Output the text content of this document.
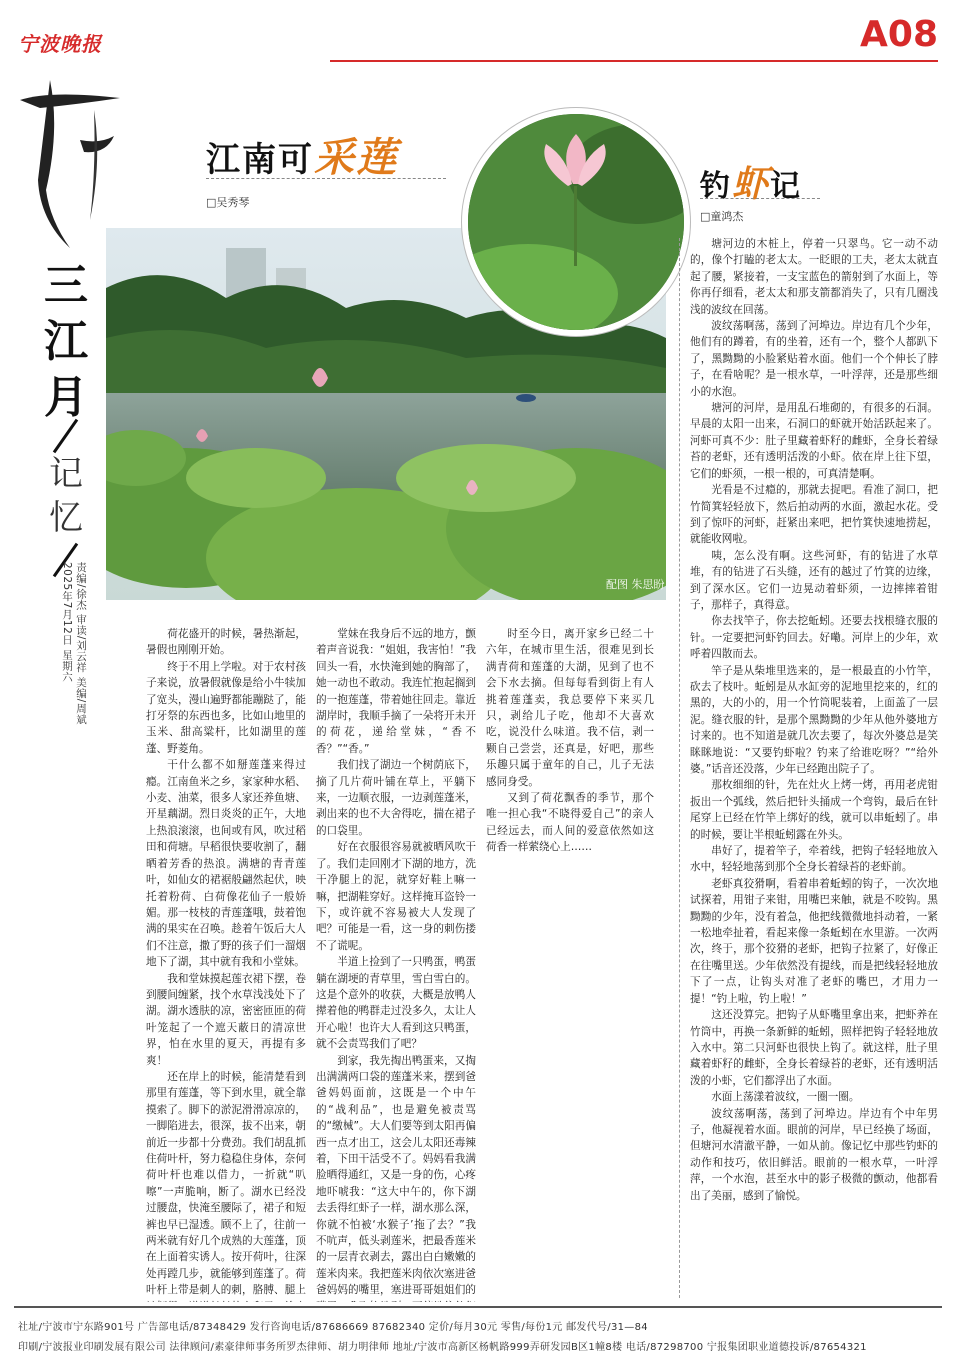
宁波晚报	A08
三
江
月
记
忆
责编/徐杰 审读/刘云祥 美编/周斌
2025年7月12日 星期六
江南可采莲
□吴秀琴
配图 朱思盼
钓虾记
□童鸿杰

荷花盛开的时候，暑热渐起，暑假也刚刚开始。

终于不用上学啦。对于农村孩子来说，放暑假就像是给小牛犊加了宽头，漫山遍野都能蹦跶了，能打牙祭的东西也多，比如山地里的玉米、甜高粱杆，比如湖里的莲蓬、野菱角。

干什么都不如掰莲蓬来得过瘾。江南鱼米之乡，家家种水稻、小麦、油菜，很多人家还养鱼塘、开星藕湖。烈日炎炎的正午，大地上热浪滚滚，也间或有风，吹过稻田和荷塘。早稻很快要收割了，翻晒着芳香的热浪。满塘的青青莲叶，如仙女的裙裾般翩然起伏，映托着粉荷、白荷像花仙子一般娇媚。那一枝枝的青莲蓬哦，鼓着饱满的果实在召唤。趁着午饭后大人们不注意，撒了野的孩子们一溜烟地下了湖，其中就有我和小堂妹。

我和堂妹摸起莲衣裙下摆，卷到腰间缠紧，找个水草浅浅处下了湖。湖水透肤的凉，密密匝匝的荷叶笼起了一个遮天蔽日的清凉世界，怕在水里的夏天，再提有多爽！

还在岸上的时候，能清楚看到那里有莲蓬，等下到水里，就全靠摸索了。脚下的淤泥滑滑凉凉的，一脚陷进去，很深，拔不出来，朝前近一步都十分费劲。我们胡乱抓住荷叶杆，努力稳稳住身体，奈何荷叶杆也难以借力，一折就“叭嚓”一声脆响，断了。湖水已经没过腰盘，快淹至腰际了，裙子和短裤也早已湿透。顾不上了，往前一两米就有好几个成熟的大莲蓬，顶在上面着实诱人。按开荷叶，往深处再蹚几步，就能够到莲蓬了。荷叶杆上带是刺人的刺，胳膊、腿上

堂妹在我身后不远的地方，颤着声音说我：“姐姐，我害怕！”我回头一看，水快淹到她的胸部了，她一动也不敢动。我连忙抱起搁到的一抱莲蓬，带着她往回走。靠近湖岸时，我顺手摘了一朵将开未开的荷花，递给堂妹，“香不香？”“香。”

我们找了湖边一个树荫底下，摘了几片荷叶铺在草上，平躺下来，一边顺衣服，一边剥莲蓬米，剥出来的也不大舍得吃，揣在裙子的口袋里。

好在衣服很容易就被晒风吹干了。我们走回刚才下湖的地方，洗干净腿上的泥，就穿好鞋上嘛一嘛，把湖鞋穿好。这样掩耳盗铃一下，或许就不容易被大人发现了吧？可能是一看，这一身的刺伤搂不了谎呢。

半道上捡到了一只鸭蛋，鸭蛋躺在湖埂的青草里，雪白雪白的。这是个意外的收获，大概是放鸭人撵着他的鸭群走过没多久，太让人开心啦！也许大人看到这只鸭蛋，就不会责骂我们了吧？

到家，我先掏出鸭蛋来，又掏出满满两口袋的莲蓬米来，摆到爸爸妈妈面前，这既是一个中午的“战利品”，也是避免被责骂的“缴械”。大人们要等到太阳再偏西一点才出工，这会儿太阳还毒辣着，下田干活受不了。妈妈看我满脸晒得通红，又是一身的伤，心疼地吓唬我：“这大中午的，你下湖去丢得红虾子一样，湖水那么深，你就不怕被‘水猴子’拖了去？”我不吭声，低头剥莲米，把最香莲米的一层青衣剥去，露出白白嫩嫩的莲米肉来。我把莲米肉依次塞进爸爸妈妈的嘴里，塞进哥哥姐姐们的

时至今日，离开家乡已经二十六年，在城市里生活，很难见到长满青荷和莲蓬的大湖，见到了也不会下水去摘。但每每看到街上有人挑着莲蓬卖，我总要停下来买几只，剥给儿子吃，他却不大喜欢吃，说没什么味道。我不信，剥一颗自己尝尝，还真是，好吧，那些乐趣只属于童年的自己，儿子无法感同身受。

又到了荷花飘香的季节，那个唯一担心我“不晓得爱自己”的亲人已经远去，而人间的爱意依然如这荷香一样萦绕心上……

塘河边的木桩上，停着一只翠鸟。它一动不动的，像个打瞌的老太太。一眨眼的工夫，老太太就直起了腰，紧接着，一支宝蓝色的箭射到了水面上，等你再仔细看，老太太和那支箭都消失了，只有几圈浅浅的波纹在回荡。

波纹荡啊荡，荡到了河埠边。岸边有几个少年，他们有的蹲着，有的坐着，还有一个，整个人都趴下了，黑黝黝的小脸紧贴着水面。他们一个个伸长了脖子，在看啥呢？是一根水草，一叶浮萍，还是那些细小的水泡。

塘河的河岸，是用乱石堆砌的，有很多的石洞。早晨的太阳一出来，石洞口的虾就开始活跃起来了。河虾可真不少：肚子里藏着虾籽的雌虾，全身长着绿苔的老虾，还有透明活泼的小虾。依在岸上往下望，它们的虾须，一根一根的，可真清楚啊。

光看是不过瘾的，那就去捉吧。看准了洞口，把竹简箕轻轻放下，然后拍动两的水面，激起水花。受到了惊吓的河虾，赶紧出来吧，把竹箕快速地捞起，就能收网啦。

咦，怎么没有啊。这些河虾，有的钻进了水草堆，有的钻进了石头缝，还有的越过了竹箕的边缘，到了深水区。它们一边晃动着虾须，一边摔摔着钳子，那样子，真得意。

你去找竿子，你去挖蚯蚓。还要去找根缝衣服的针。一定要把河虾钓回去。好嘞。河岸上的少年，欢呼着四散而去。

竿子是从柴堆里选来的，是一根最直的小竹竿，砍去了枝叶。蚯蚓是从水缸旁的泥地里挖来的，红的黑的，大的小的，用一个竹筒呢装着，上面盖了一层泥。缝衣服的针，是那个黑黝黝的少年从他外婆地方讨来的。也不知道是就几次去要了，每次外婆总是笑眯眯地说：“又要钓虾啦？钓来了给谁吃呀？”“给外婆。”话音还没落，少年已经跑出院子了。

那枚细细的针，先在灶火上烤一烤，再用老虎钳扳出一个弧线，然后把针头捅成一个弯钩，最后在针尾穿上已经在竹竿上绑好的线，就可以串蚯蚓了。串的时候，要让半根蚯蚓露在外头。

串好了，提着竿子，牵着线，把钩子轻轻地放入水中，轻轻地荡到那个全身长着绿苔的老虾前。

老虾真狡猾啊，看着串着蚯蚓的钩子，一次次地试探着，用钳子来钳，用嘴巴来触，就是不咬钩。黑黝黝的少年，没有着急，他把线微微地抖动着，一紧一松地牵扯着，看起来像一条蚯蚓在水里游。一次两次，终于，那个狡猾的老虾，把钩子拉紧了，好像正在往嘴里送。少年依然没有提线，而是把线轻轻地放下了一点，让钩头对准了老虾的嘴巴，才用力一提！“钓上啦，钓上啦！”

这还没算完。把钩子从虾嘴里拿出来，把虾养在竹筒中，再换一条新鲜的蚯蚓，照样把钩子轻轻地放入水中。第二只河虾也很快上钩了。就这样，肚子里藏着虾籽的雌虾，全身长着绿苔的老虾，还有透明活泼的小虾，它们都浮出了水面。

水面上荡漾着波纹，一圈一圈。

波纹荡啊荡，荡到了河埠边。岸边有个中年男子，他凝视着水面。眼前的河岸，早已经换了场面，但塘河水清澈平静，一如从前。像记忆中那些钓虾的动作和技巧，依旧鲜活。眼前的一根水草，一叶浮萍，一个水泡，甚至水中的影子极微的颤动，他都看出了美丽，感到了愉悦。

社址/宁波市宁东路901号 广告部电话/87348429 发行咨询电话/87686669 87682340 定价/每月30元 零售/每份1元 邮发代号/31—84
印刷/宁波报业印刷发展有限公司 法律顾问/素豪律师事务所罗杰律师、胡力明律师 地址/宁波市高新区杨帆路999弄研发园B区1幢8楼 电话/87298700 宁报集团职业道德投诉/87654321
